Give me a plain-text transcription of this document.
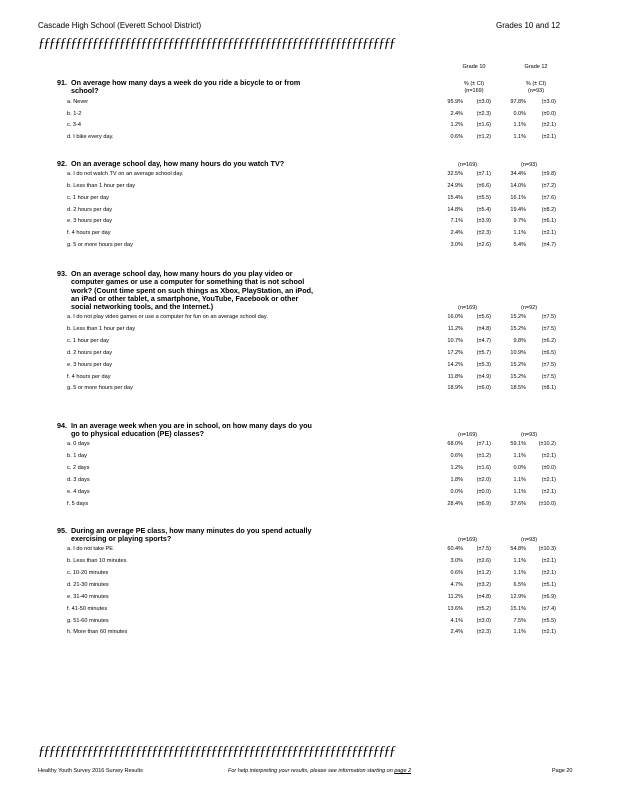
Cascade High School (Everett School District)	Grades 10 and 12
ƒƒƒƒƒƒƒƒƒƒƒƒƒƒƒƒƒƒƒƒƒƒƒƒƒƒƒƒƒƒƒƒƒƒƒƒƒƒƒƒƒƒƒƒƒƒƒƒƒƒƒƒƒƒƒƒƒƒƒƒƒƒƒƒƒƒ
Grade 10	Grade 12
% (± CI)	% (± CI)
(n=169)	(n=93)
91. On average how many days a week do you ride a bicycle to or from
school?
a. Never	95.9%	(±3.0)	97.8%	(±3.0)
b. 1-2	2.4%	(±2.3)	0.0%	(±0.0)
c. 3-4	1.2%	(±1.6)	1.1%	(±2.1)
d. I bike every day.	0.6%	(±1.2)	1.1%	(±2.1)
92. On an average school day, how many hours do you watch TV?	(n=169)	(n=93)
a. I do not watch TV on an average school day.	32.5%	(±7.1)	34.4%	(±9.8)
b. Less than 1 hour per day	24.9%	(±6.6)	14.0%	(±7.2)
c. 1 hour per day	15.4%	(±5.5)	16.1%	(±7.6)
d. 2 hours per day	14.8%	(±5.4)	19.4%	(±8.2)
e. 3 hours per day	7.1%	(±3.9)	9.7%	(±6.1)
f. 4 hours per day	2.4%	(±2.3)	1.1%	(±2.1)
g. 5 or more hours per day	3.0%	(±2.6)	5.4%	(±4.7)
93. On an average school day, how many hours do you play video or
computer games or use a computer for something that is not school
work? (Count time spent on such things as Xbox, PlayStation, an iPod,
an iPad or other tablet, a smartphone, YouTube, Facebook or other
social networking tools, and the Internet.)	(n=169)	(n=92)
a. I do not play video games or use a computer for fun on an average school day.	16.0%	(±5.6)	15.2%	(±7.5)
b. Less than 1 hour per day	11.2%	(±4.8)	15.2%	(±7.5)
c. 1 hour per day	10.7%	(±4.7)	9.8%	(±6.2)
d. 2 hours per day	17.2%	(±5.7)	10.9%	(±6.5)
e. 3 hours per day	14.2%	(±5.3)	15.2%	(±7.5)
f. 4 hours per day	11.8%	(±4.9)	15.2%	(±7.5)
g. 5 or more hours per day	18.9%	(±6.0)	18.5%	(±8.1)
94. In an average week when you are in school, on how many days do you
go to physical education (PE) classes?	(n=169)	(n=93)
a. 0 days	68.0%	(±7.1)	59.1%	(±10.2)
b. 1 day	0.6%	(±1.2)	1.1%	(±2.1)
c. 2 days	1.2%	(±1.6)	0.0%	(±0.0)
d. 3 days	1.8%	(±2.0)	1.1%	(±2.1)
e. 4 days	0.0%	(±0.0)	1.1%	(±2.1)
f. 5 days	28.4%	(±6.9)	37.6%	(±10.0)
95. During an average PE class, how many minutes do you spend actually
exercising or playing sports?	(n=169)	(n=93)
a. I do not take PE	60.4%	(±7.5)	54.8%	(±10.3)
b. Less than 10 minutes	3.0%	(±2.6)	1.1%	(±2.1)
c. 10-20 minutes	0.6%	(±1.2)	1.1%	(±2.1)
d. 21-30 minutes	4.7%	(±3.2)	6.5%	(±5.1)
e. 31-40 minutes	11.2%	(±4.8)	12.9%	(±6.9)
f. 41-50 minutes	13.6%	(±5.2)	15.1%	(±7.4)
g. 51-60 minutes	4.1%	(±3.0)	7.5%	(±5.5)
h. More than 60 minutes	2.4%	(±2.3)	1.1%	(±2.1)
ƒƒƒƒƒƒƒƒƒƒƒƒƒƒƒƒƒƒƒƒƒƒƒƒƒƒƒƒƒƒƒƒƒƒƒƒƒƒƒƒƒƒƒƒƒƒƒƒƒƒƒƒƒƒƒƒƒƒƒƒƒƒƒƒƒƒ
Healthy Youth Survey 2016 Survey Results	For help interpreting your results, please see information starting on page 2	Page 20
